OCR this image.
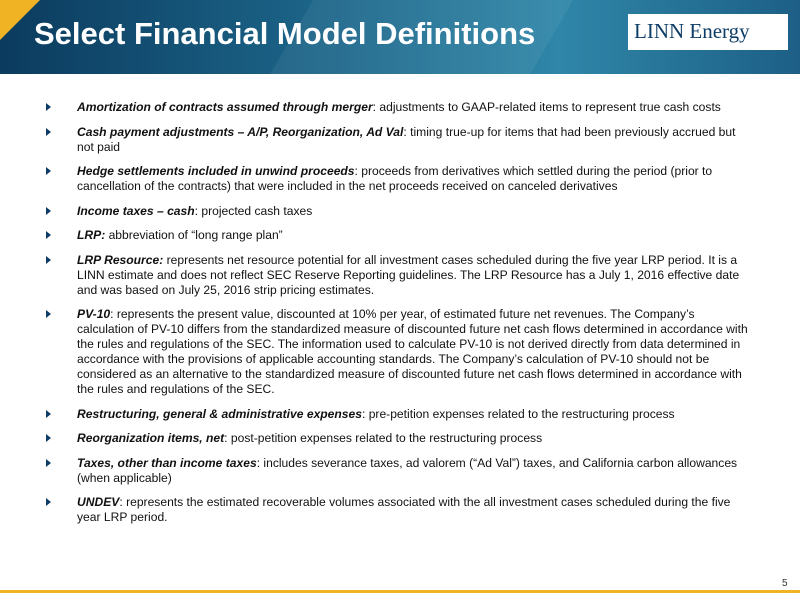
Select Financial Model Definitions	LINN Energy
Amortization of contracts assumed through merger: adjustments to GAAP-related items to represent true cash costs
Cash payment adjustments – A/P, Reorganization, Ad Val: timing true-up for items that had been previously accrued but not paid
Hedge settlements included in unwind proceeds: proceeds from derivatives which settled during the period (prior to cancellation of the contracts) that were included in the net proceeds received on canceled derivatives
Income taxes – cash: projected cash taxes
LRP: abbreviation of “long range plan”
LRP Resource: represents net resource potential for all investment cases scheduled during the five year LRP period. It is a LINN estimate and does not reflect SEC Reserve Reporting guidelines. The LRP Resource has a July 1, 2016 effective date and was based on July 25, 2016 strip pricing estimates.
PV-10: represents the present value, discounted at 10% per year, of estimated future net revenues. The Company’s calculation of PV-10 differs from the standardized measure of discounted future net cash flows determined in accordance with the rules and regulations of the SEC. The information used to calculate PV-10 is not derived directly from data determined in accordance with the provisions of applicable accounting standards. The Company’s calculation of PV-10 should not be considered as an alternative to the standardized measure of discounted future net cash flows determined in accordance with the rules and regulations of the SEC.
Restructuring, general & administrative expenses: pre-petition expenses related to the restructuring process
Reorganization items, net: post-petition expenses related to the restructuring process
Taxes, other than income taxes: includes severance taxes, ad valorem (“Ad Val”) taxes, and California carbon allowances (when applicable)
UNDEV: represents the estimated recoverable volumes associated with the all investment cases scheduled during the five year LRP period.
5
